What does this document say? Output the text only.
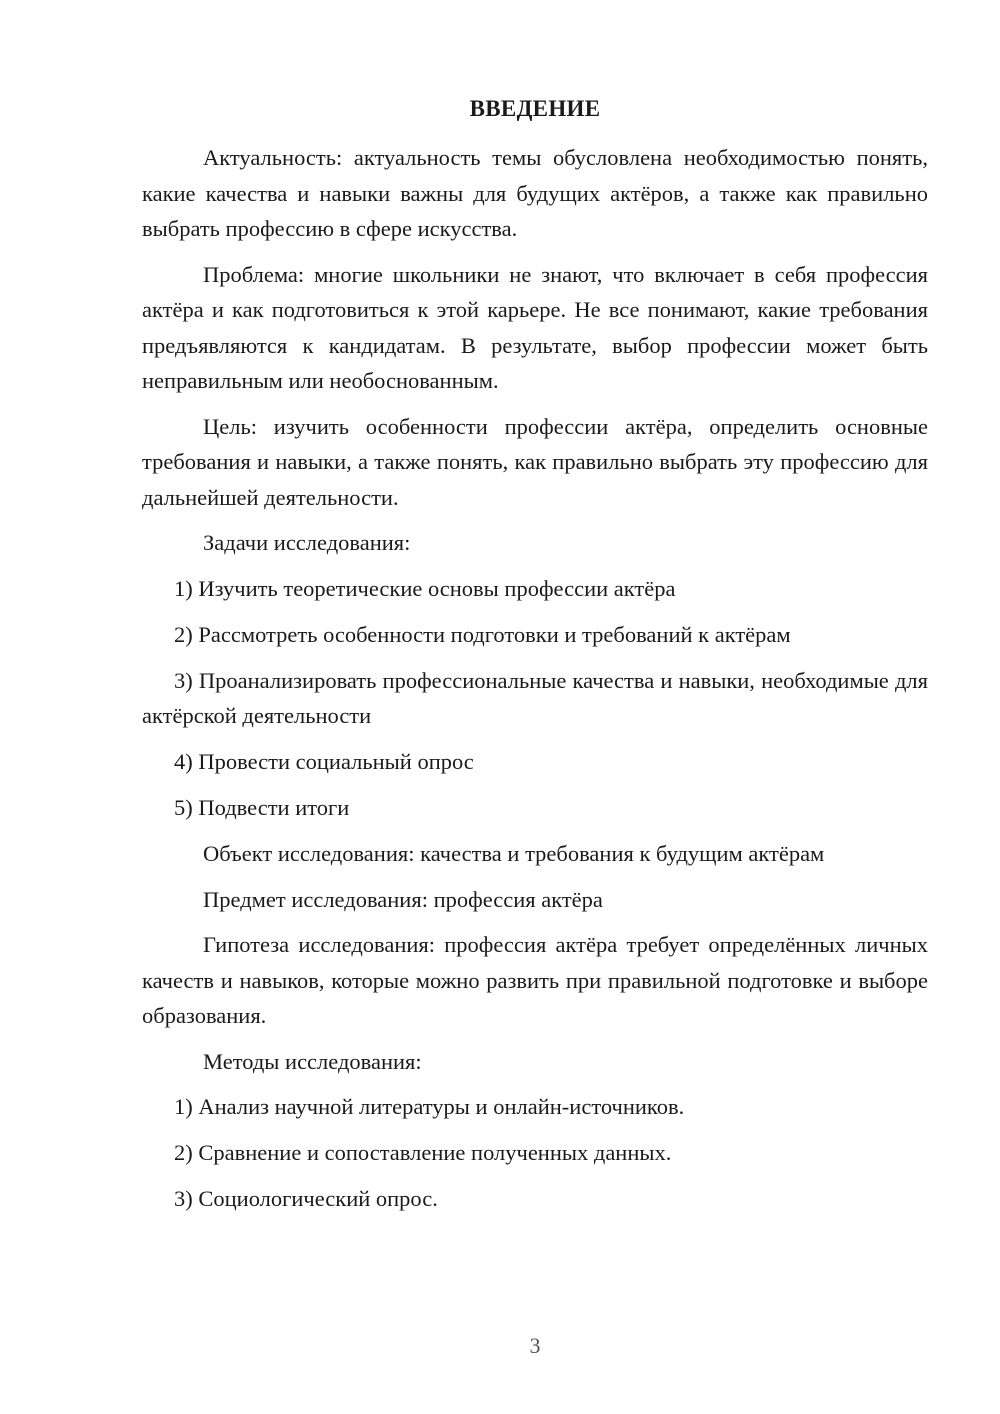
ВВЕДЕНИЕ

Актуальность: актуальность темы обусловлена необходимостью понять, какие качества и навыки важны для будущих актёров, а также как правильно выбрать профессию в сфере искусства.

Проблема: многие школьники не знают, что включает в себя профессия актёра и как подготовиться к этой карьере. Не все понимают, какие требования предъявляются к кандидатам. В результате, выбор профессии может быть неправильным или необоснованным.

Цель: изучить особенности профессии актёра, определить основные требования и навыки, а также понять, как правильно выбрать эту профессию для дальнейшей деятельности.

Задачи исследования:

1) Изучить теоретические основы профессии актёра

2) Рассмотреть особенности подготовки и требований к актёрам

3) Проанализировать профессиональные качества и навыки, необходимые для актёрской деятельности

4) Провести социальный опрос

5) Подвести итоги

Объект исследования: качества и требования к будущим актёрам

Предмет исследования: профессия актёра

Гипотеза исследования: профессия актёра требует определённых личных качеств и навыков, которые можно развить при правильной подготовке и выборе образования.

Методы исследования:

1) Анализ научной литературы и онлайн-источников.

2) Сравнение и сопоставление полученных данных.

3) Социологический опрос.

3
